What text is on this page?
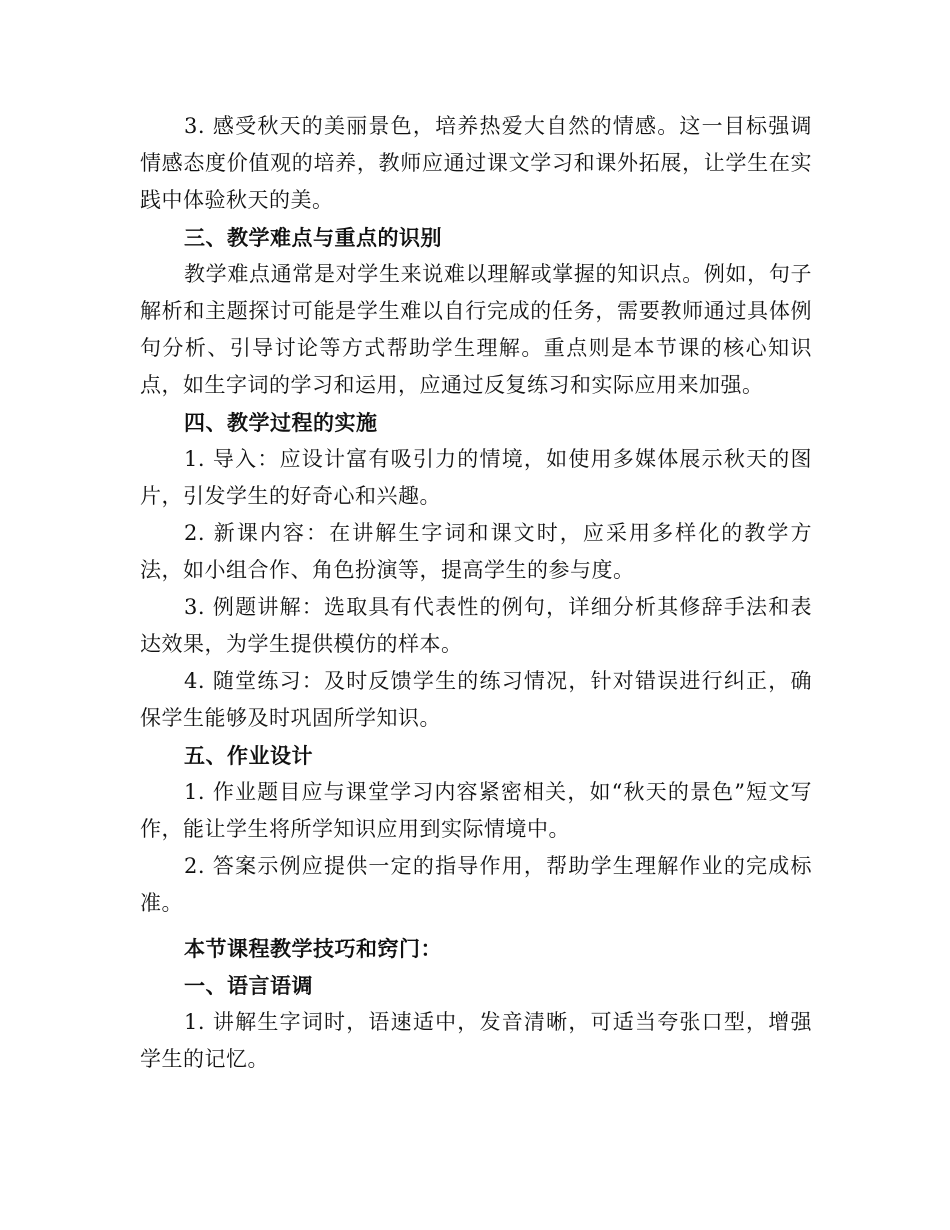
3. 感受秋天的美丽景色，培养热爱大自然的情感。这一目标强调情感态度价值观的培养，教师应通过课文学习和课外拓展，让学生在实践中体验秋天的美。

三、教学难点与重点的识别

教学难点通常是对学生来说难以理解或掌握的知识点。例如，句子解析和主题探讨可能是学生难以自行完成的任务，需要教师通过具体例句分析、引导讨论等方式帮助学生理解。重点则是本节课的核心知识点，如生字词的学习和运用，应通过反复练习和实际应用来加强。

四、教学过程的实施

1. 导入：应设计富有吸引力的情境，如使用多媒体展示秋天的图片，引发学生的好奇心和兴趣。

2. 新课内容：在讲解生字词和课文时，应采用多样化的教学方法，如小组合作、角色扮演等，提高学生的参与度。

3. 例题讲解：选取具有代表性的例句，详细分析其修辞手法和表达效果，为学生提供模仿的样本。

4. 随堂练习：及时反馈学生的练习情况，针对错误进行纠正，确保学生能够及时巩固所学知识。

五、作业设计

1. 作业题目应与课堂学习内容紧密相关，如“秋天的景色”短文写作，能让学生将所学知识应用到实际情境中。

2. 答案示例应提供一定的指导作用，帮助学生理解作业的完成标准。

本节课程教学技巧和窍门：

一、语言语调

1. 讲解生字词时，语速适中，发音清晰，可适当夸张口型，增强学生的记忆。
